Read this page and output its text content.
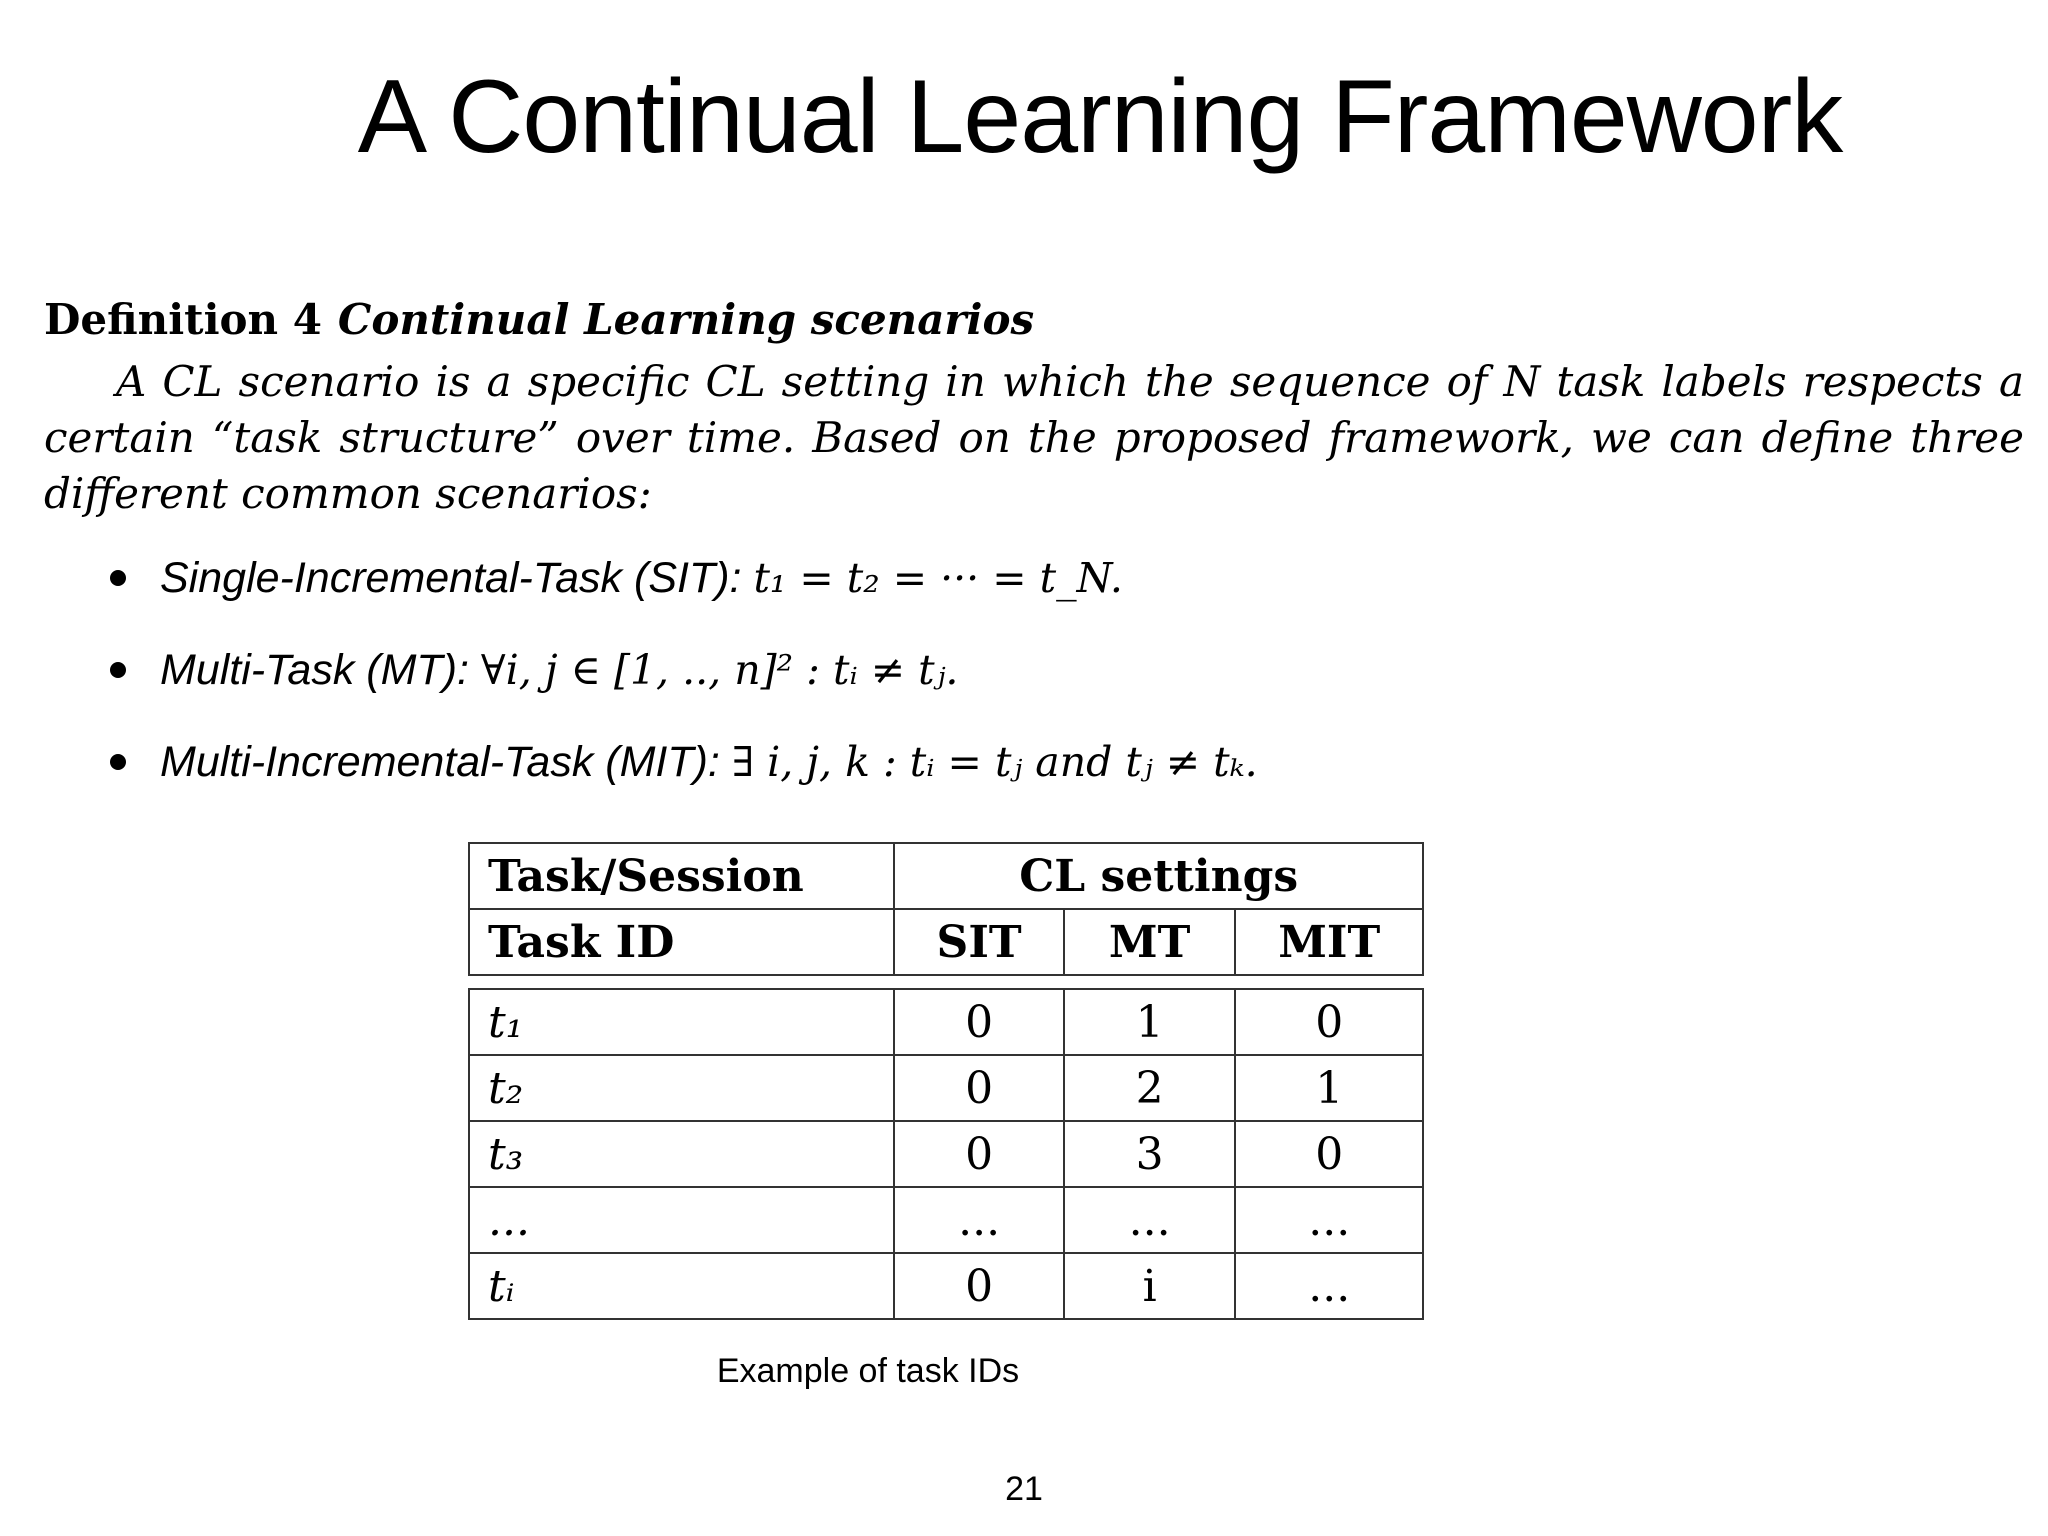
A Continual Learning Framework
Definition 4 Continual Learning scenarios
A CL scenario is a specific CL setting in which the sequence of N task labels respects a certain “task structure” over time. Based on the proposed framework, we can define three different common scenarios:
Single-Incremental-Task (SIT): t₁ = t₂ = ··· = t_N.
Multi-Task (MT): ∀i, j ∈ [1, .., n]² : tᵢ ≠ tⱼ.
Multi-Incremental-Task (MIT): ∃ i, j, k : tᵢ = tⱼ and tⱼ ≠ tₖ.
Task/Session	CL settings		
Task ID	SIT	MT	MIT

t₁	0	1	0
t₂	0	2	1
t₃	0	3	0
...	...	...	...
tᵢ	0	i	...
Example of task IDs
21
